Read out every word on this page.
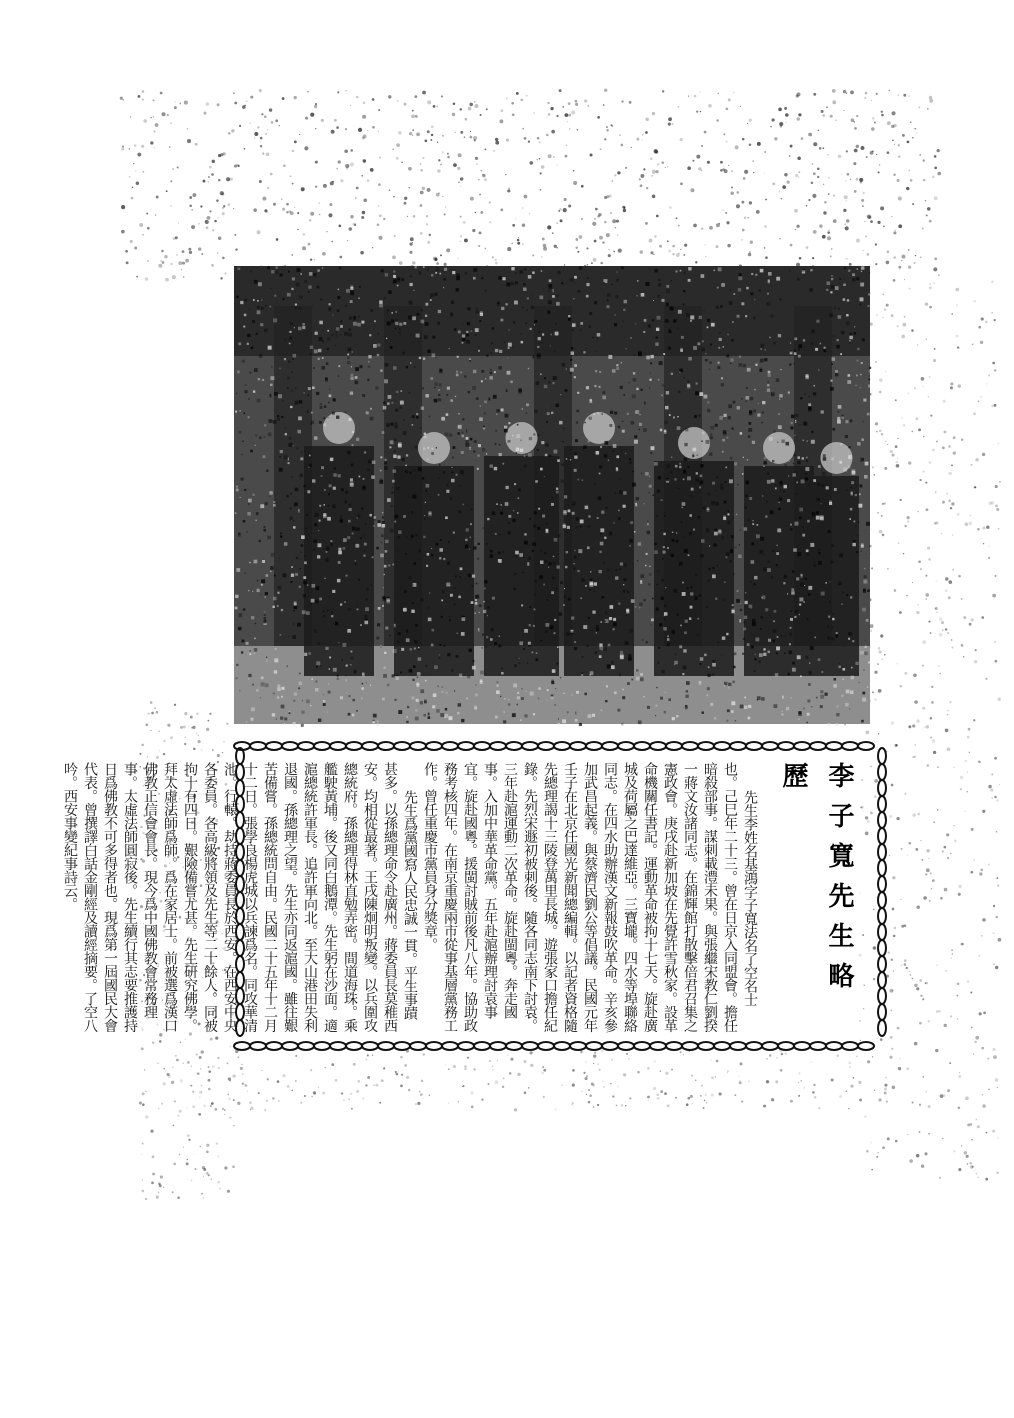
李子寬先生略歷

先生李姓名基鴻字子寬法名了空名士也。己巳年二十三。曾在日京入同盟會。擔任暗殺部事。謀刺載澧未果。與張繼宋教仁劉揆一蔣文汝諸同志。在錦輝館打散擊倍君召集之憲政會。庚戌赴新加坡在先覺許雪秋家。設革命機關任書記。運動革命被拘十七天。旋赴廣城及荷屬之巴達維亞。三寶壠。四水等埠聯絡同志。在四水助辦漢文新報鼓吹革命。辛亥參加武昌起義。與蔡濟民劉公等倡議。民國元年壬子在北京任國光新聞總編輯。以記者資格隨先總理謁十三陵登萬里長城。遊張家口擔任紀錄。先烈宋遯初被刺後。隨各同志南下討袁。三年赴滬運動二次革命。旋赴閩粵。奔走國事。入加中華革命黨。五年赴滬辦理討袁事宜。旋赴國粵。援閩討賊前後凡八年。協助政務考核四年。在南京重慶兩市從事基層黨務工作。曾任重慶市黨員身分獎章。

先生爲黨國寫人民忠誠一貫。平生事蹟甚多。以孫總理命令赴廣州。蔣委員長莫稚西安。均相從最著。王戌陳炯明叛變。以兵圍攻總統府。孫總理得林直勉弄密。間道海珠。乘艦駛黃埔。後又同白鵝潭。先生躬在沙面。適滬總統許軍長。追許軍向北。至大山港田失利退國。孫總理之望。先生亦同返滬國。雖往艱苦備嘗。孫總統問自由。民國二十五年十二月十二日。張學良楊虎城以兵諫爲名。同攻華清池。行轅。劫持蔣委員長於西安。在西安中央各委員。各高級將領及先生等二十餘人。同被拘十有四日。艱險備嘗尤甚。先生研究佛學。拜太虛法師爲師。爲在家居士。前被選爲漢口佛教正信會會長。現今爲中國佛教會常務理事。太虛法師圓寂後。先生續行其志要推護持日爲佛教不可多得者也。現爲第一屆國民大會代表。曾撰譯白話金剛經及讀經摘要。了空八吟。西安事變紀事詩云。
